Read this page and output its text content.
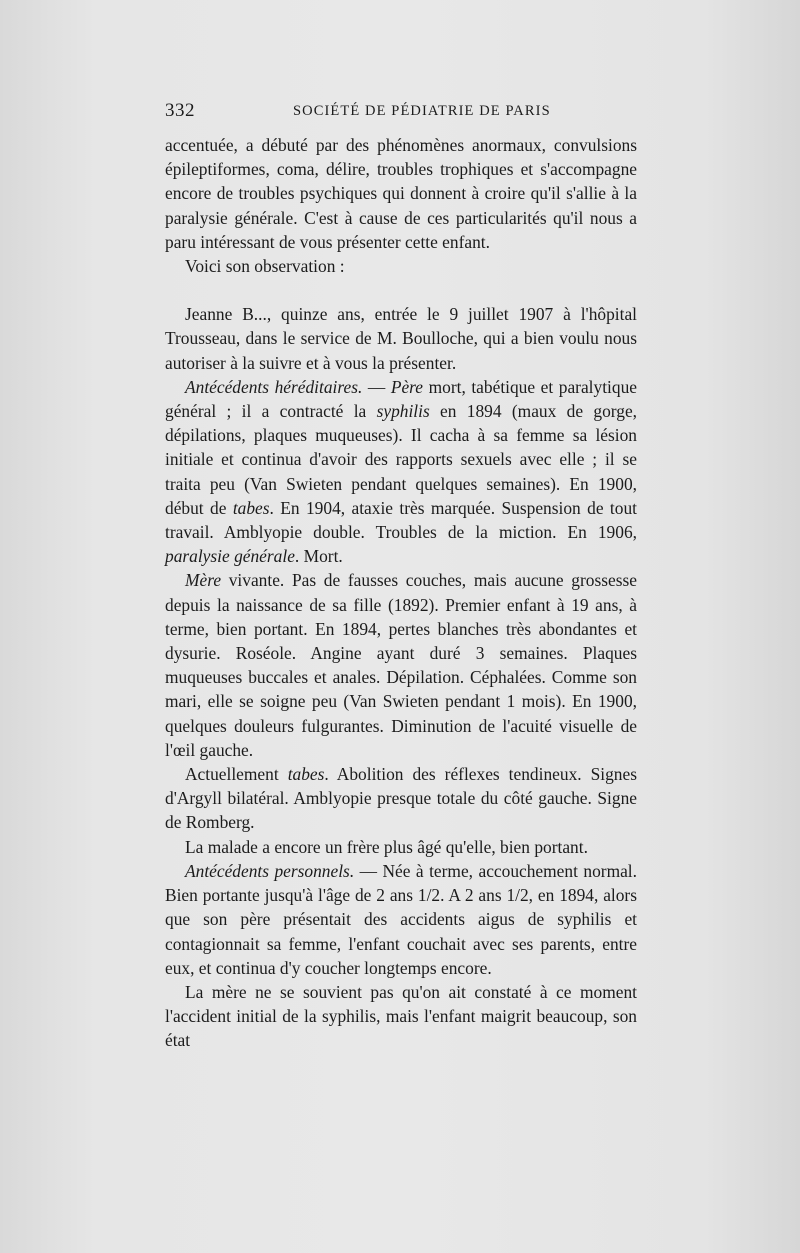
332	SOCIÉTÉ DE PÉDIATRIE DE PARIS

accentuée, a débuté par des phénomènes anormaux, convulsions épileptiformes, coma, délire, troubles trophiques et s'accompagne encore de troubles psychiques qui donnent à croire qu'il s'allie à la paralysie générale. C'est à cause de ces particularités qu'il nous a paru intéressant de vous présenter cette enfant.

Voici son observation :

Jeanne B..., quinze ans, entrée le 9 juillet 1907 à l'hôpital Trousseau, dans le service de M. Boulloche, qui a bien voulu nous autoriser à la suivre et à vous la présenter.

Antécédents héréditaires. — Père mort, tabétique et paralytique général ; il a contracté la syphilis en 1894 (maux de gorge, dépilations, plaques muqueuses). Il cacha à sa femme sa lésion initiale et continua d'avoir des rapports sexuels avec elle ; il se traita peu (Van Swieten pendant quelques semaines). En 1900, début de tabes. En 1904, ataxie très marquée. Suspension de tout travail. Amblyopie double. Troubles de la miction. En 1906, paralysie générale. Mort.

Mère vivante. Pas de fausses couches, mais aucune grossesse depuis la naissance de sa fille (1892). Premier enfant à 19 ans, à terme, bien portant. En 1894, pertes blanches très abondantes et dysurie. Roséole. Angine ayant duré 3 semaines. Plaques muqueuses buccales et anales. Dépilation. Céphalées. Comme son mari, elle se soigne peu (Van Swieten pendant 1 mois). En 1900, quelques douleurs fulgurantes. Diminution de l'acuité visuelle de l'œil gauche.

Actuellement tabes. Abolition des réflexes tendineux. Signes d'Argyll bilatéral. Amblyopie presque totale du côté gauche. Signe de Romberg.

La malade a encore un frère plus âgé qu'elle, bien portant.

Antécédents personnels. — Née à terme, accouchement normal. Bien portante jusqu'à l'âge de 2 ans 1/2. A 2 ans 1/2, en 1894, alors que son père présentait des accidents aigus de syphilis et contagionnait sa femme, l'enfant couchait avec ses parents, entre eux, et continua d'y coucher longtemps encore.

La mère ne se souvient pas qu'on ait constaté à ce moment l'accident initial de la syphilis, mais l'enfant maigrit beaucoup, son état
